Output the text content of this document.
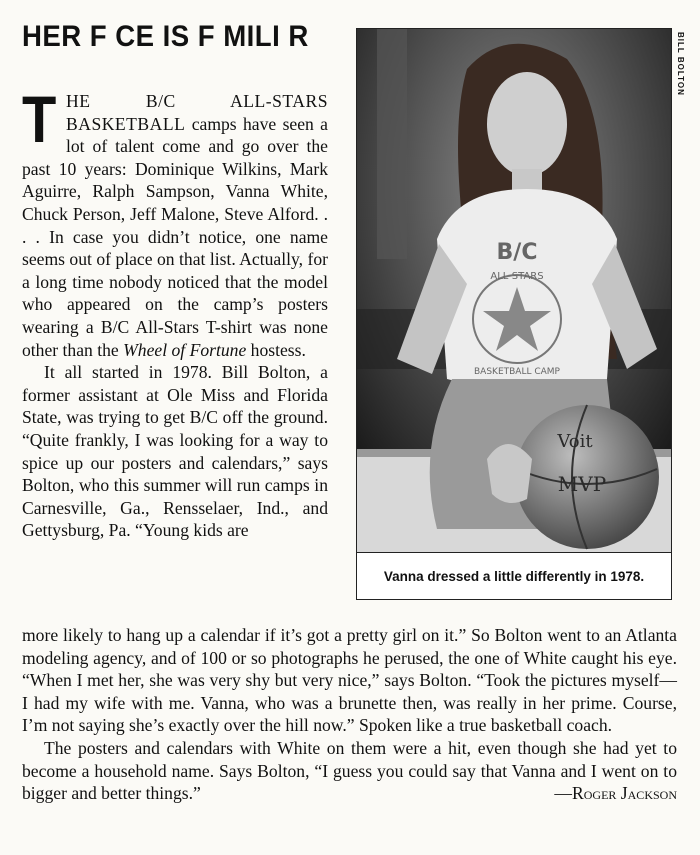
HER F CE IS F MILI R

THE B/C ALL-STARS BASKETBALL camps have seen a lot of talent come and go over the past 10 years: Dominique Wilkins, Mark Aguirre, Ralph Sampson, Vanna White, Chuck Person, Jeff Malone, Steve Alford. . . . In case you didn’t notice, one name seems out of place on that list. Actually, for a long time nobody noticed that the model who appeared on the camp’s posters wearing a B/C All-Stars T-shirt was none other than the Wheel of Fortune hostess.

It all started in 1978. Bill Bolton, a former assistant at Ole Miss and Florida State, was trying to get B/C off the ground. “Quite frankly, I was looking for a way to spice up our posters and calendars,” says Bolton, who this summer will run camps in Carnesville, Ga., Rensselaer, Ind., and Gettysburg, Pa. “Young kids are

B/C
ALL-STARS
BASKETBALL CAMP
Voit
MVP
Vanna dressed a little differently in 1978.
BILL BOLTON

more likely to hang up a calendar if it’s got a pretty girl on it.” So Bolton went to an Atlanta modeling agency, and of 100 or so photographs he perused, the one of White caught his eye. “When I met her, she was very shy but very nice,” says Bolton. “Took the pictures myself—I had my wife with me. Vanna, who was a brunette then, was really in her prime. Course, I’m not saying she’s exactly over the hill now.” Spoken like a true basketball coach.

The posters and calendars with White on them were a hit, even though she had yet to become a household name. Says Bolton, “I guess you could say that Vanna and I went on to bigger and better things.”	—Roger Jackson
